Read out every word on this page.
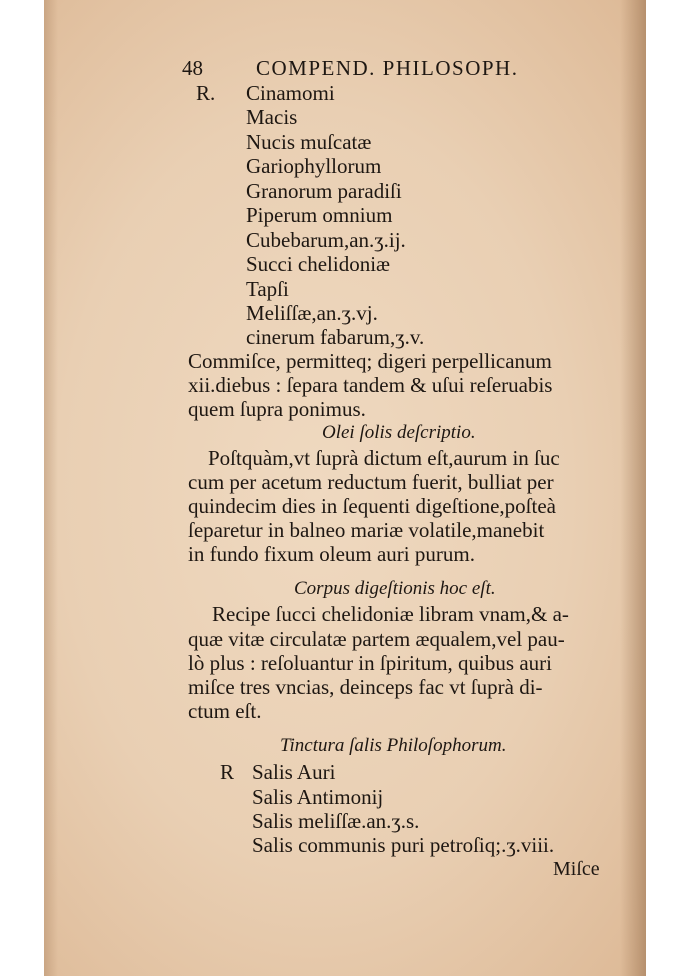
48	COMPEND. PHILOSOPH.
R. Cinamomi
Macis
Nucis muſcatæ
Gariophyllorum
Granorum paradiſi
Piperum omnium
Cubebarum,an.ʒ.ij.
Succi chelidoniæ
Tapſi
Meliſſæ,an.ʒ.vj.
cinerum fabarum,ʒ.v.
Commiſce, permitteq; digeri perpellicanum
xii.diebus : ſepara tandem & uſui reſeruabis
quem ſupra ponimus.
Olei ſolis deſcriptio.
Poſtquàm,vt ſuprà dictum eſt,aurum in ſuc
cum per acetum reductum fuerit, bulliat per
quindecim dies in ſequenti digeſtione,poſteà
ſeparetur in balneo mariæ volatile,manebit
in fundo fixum oleum auri purum.
Corpus digeſtionis hoc eſt.
Recipe ſucci chelidoniæ libram vnam,& a-
quæ vitæ circulatæ partem æqualem,vel pau-
lò plus : reſoluantur in ſpiritum, quibus auri
miſce tres vncias, deinceps fac vt ſuprà di-
ctum eſt.
Tinctura ſalis Philoſophorum.
R Salis Auri
Salis Antimonij
Salis meliſſæ.an.ʒ.s.
Salis communis puri petroſiq;.ʒ.viii.
Miſce
